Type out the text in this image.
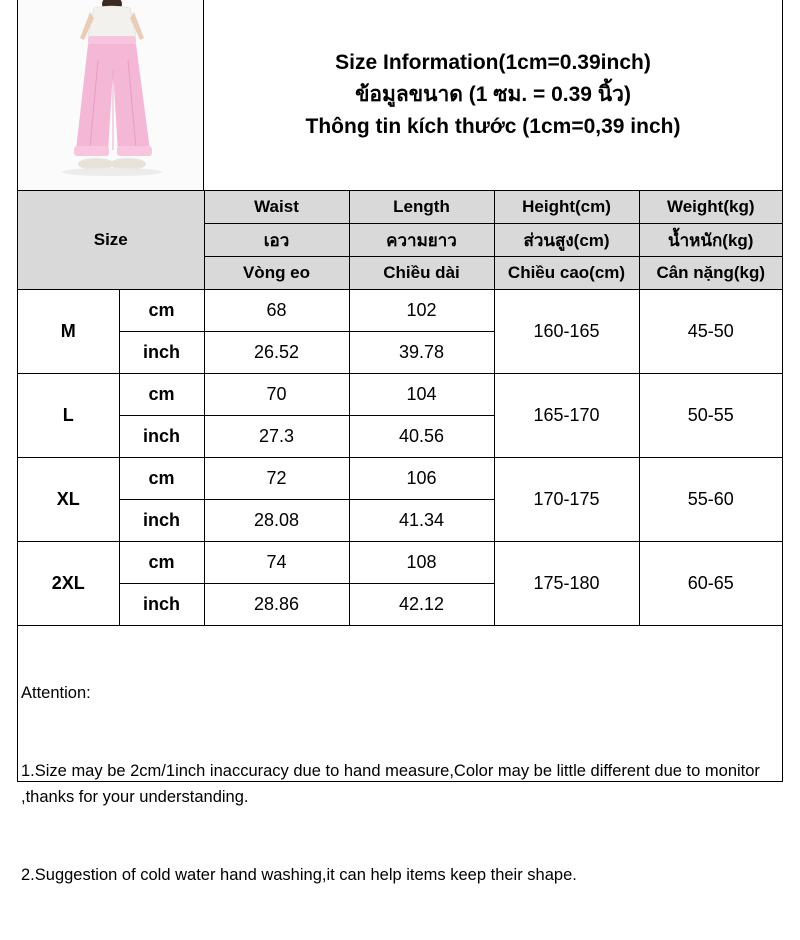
Size Information(1cm=0.39inch)
ข้อมูลขนาด (1 ซม. = 0.39 นิ้ว)
Thông tin kích thước (1cm=0,39 inch)
Size		Waist	Length	Height(cm)	Weight(kg)
		เอว	ความยาว	ส่วนสูง(cm)	น้ำหนัก(kg)
		Vòng eo	Chiều dài	Chiều cao(cm)	Cân nặng(kg)
M	cm	68	102	160-165	45-50
	inch	26.52	39.78		
L	cm	70	104	165-170	50-55
	inch	27.3	40.56		
XL	cm	72	106	170-175	55-60
	inch	28.08	41.34		
2XL	cm	74	108	175-180	60-65
	inch	28.86	42.12		

Attention:

1.Size may be 2cm/1inch inaccuracy due to hand measure,Color may be little different due to monitor ,thanks for your understanding.

2.Suggestion of cold water hand washing,it can help items keep their shape.
